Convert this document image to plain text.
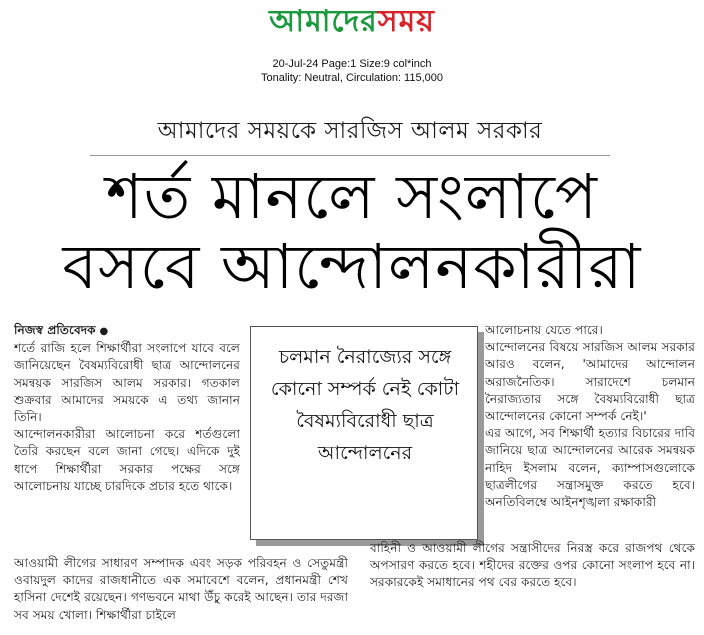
আমাদেরসময়
20-Jul-24 Page:1 Size:9 col*inch
Tonality: Neutral, Circulation: 115,000
আমাদের সময়কে সারজিস আলম সরকার
শর্ত মানলে সংলাপে
বসবে আন্দোলনকারীরা

নিজস্ব প্রতিবেদক ●

শর্তে রাজি হলে শিক্ষার্থীরা সংলাপে যাবে বলে জানিয়েছেন বৈষম্যবিরোধী ছাত্র আন্দোলনের সমন্বয়ক সারজিস আলম সরকার। গতকাল শুক্রবার আমাদের সময়কে এ তথ্য জানান তিনি।

আন্দোলনকারীরা আলোচনা করে শর্তগুলো তৈরি করছেন বলে জানা গেছে। এদিকে দুই ধাপে শিক্ষার্থীরা সরকার পক্ষের সঙ্গে আলোচনায় যাচ্ছে চারদিকে প্রচার হতে থাকে।

আওয়ামী লীগের সাধারণ সম্পাদক এবং সড়ক পরিবহন ও সেতুমন্ত্রী ওবায়দুল কাদের রাজধানীতে এক সমাবেশে বলেন, প্রধানমন্ত্রী শেখ হাসিনা দেশেই রয়েছেন। গণভবনে মাথা উঁচু করেই আছেন। তার দরজা সব সময় খোলা। শিক্ষার্থীরা চাইলে

চলমান নৈরাজ্যের সঙ্গে কোনো সম্পর্ক নেই কোটা বৈষম্যবিরোধী ছাত্র আন্দোলনের

আলোচনায় যেতে পারে।

আন্দোলনের বিষয়ে সারজিস আলম সরকার আরও বলেন, 'আমাদের আন্দোলন অরাজনৈতিক। সারাদেশে চলমান নৈরাজ্যতার সঙ্গে বৈষম্যবিরোধী ছাত্র আন্দোলনের কোনো সম্পর্ক নেই।'

এর আগে, সব শিক্ষার্থী হত্যার বিচারের দাবি জানিয়ে ছাত্র আন্দোলনের আরেক সমন্বয়ক নাহিদ ইসলাম বলেন, ক্যাম্পাসগুলোকে ছাত্রলীগের সন্ত্রাসমুক্ত করতে হবে। অনতিবিলম্বে আইনশৃঙ্খলা রক্ষাকারী

বাহিনী ও আওয়ামী লীগের সন্ত্রাসীদের নিরস্ত্র করে রাজপথ থেকে অপসারণ করতে হবে। শহীদের রক্তের ওপর কোনো সংলাপ হবে না। সরকারকেই সমাধানের পথ বের করতে হবে।
